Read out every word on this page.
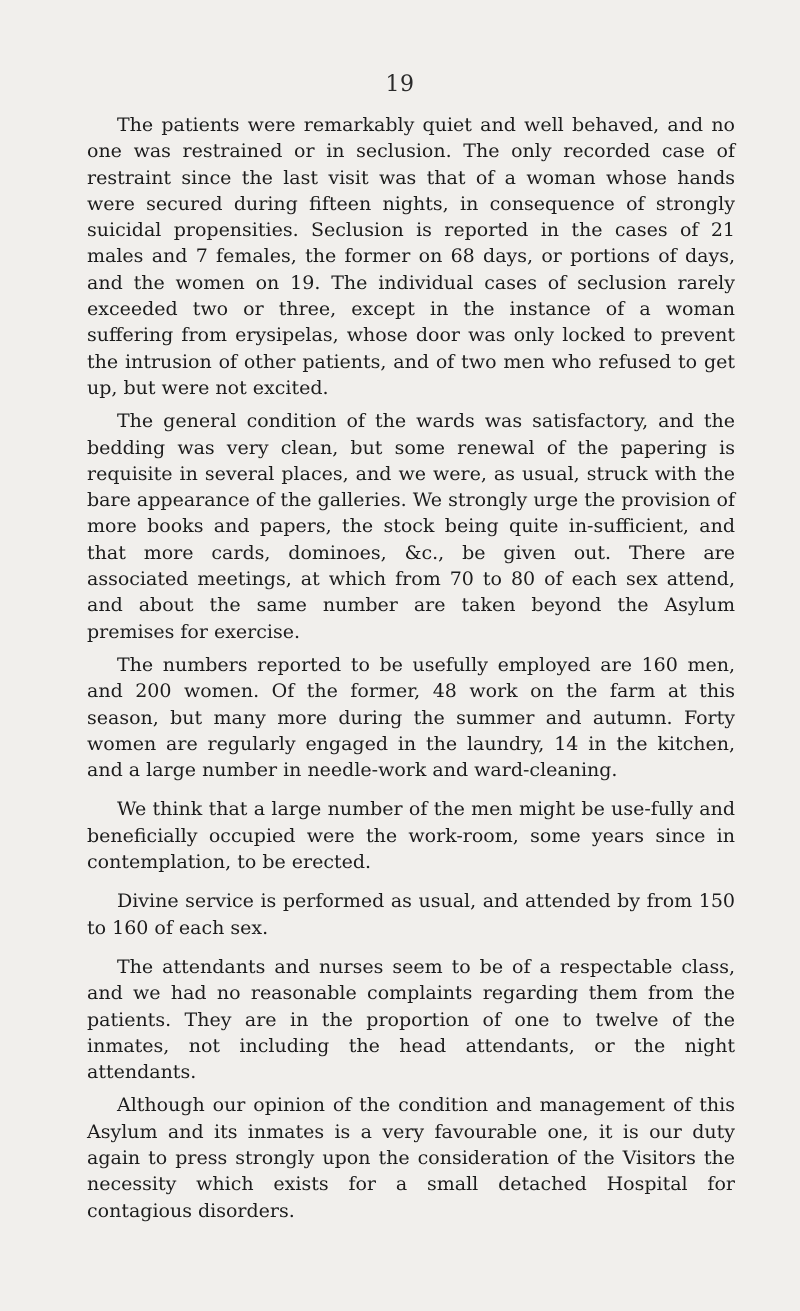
19

The patients were remarkably quiet and well behaved, and no one was restrained or in seclusion. The only recorded case of restraint since the last visit was that of a woman whose hands were secured during fifteen nights, in consequence of strongly suicidal propensities. Seclusion is reported in the cases of 21 males and 7 females, the former on 68 days, or portions of days, and the women on 19. The individual cases of seclusion rarely exceeded two or three, except in the instance of a woman suffering from erysipelas, whose door was only locked to prevent the intrusion of other patients, and of two men who refused to get up, but were not excited.

The general condition of the wards was satisfactory, and the bedding was very clean, but some renewal of the papering is requisite in several places, and we were, as usual, struck with the bare appearance of the galleries. We strongly urge the provision of more books and papers, the stock being quite in-sufficient, and that more cards, dominoes, &c., be given out. There are associated meetings, at which from 70 to 80 of each sex attend, and about the same number are taken beyond the Asylum premises for exercise.

The numbers reported to be usefully employed are 160 men, and 200 women. Of the former, 48 work on the farm at this season, but many more during the summer and autumn. Forty women are regularly engaged in the laundry, 14 in the kitchen, and a large number in needle-work and ward-cleaning.

We think that a large number of the men might be use-fully and beneficially occupied were the work-room, some years since in contemplation, to be erected.

Divine service is performed as usual, and attended by from 150 to 160 of each sex.

The attendants and nurses seem to be of a respectable class, and we had no reasonable complaints regarding them from the patients. They are in the proportion of one to twelve of the inmates, not including the head attendants, or the night attendants.

Although our opinion of the condition and management of this Asylum and its inmates is a very favourable one, it is our duty again to press strongly upon the consideration of the Visitors the necessity which exists for a small detached Hospital for contagious disorders.
